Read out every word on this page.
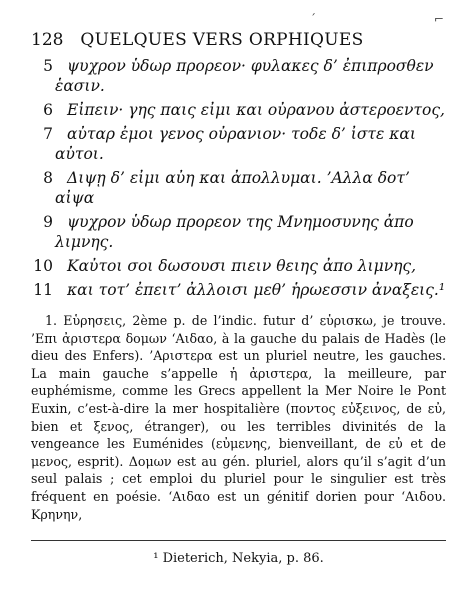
´	⌐
128 QUELQUES VERS ORPHIQUES
5 ψυχρον ὑδωρ προρεον· φυλακες δ’ ἐπιπροσθεν
ἑασιν.
6 Εἰπειν· γης παις εἰμι και οὐρανου ἀστεροεντος,
7 αὐταρ ἐμοι γενος οὐρανιον· τοδε δ’ ἰστε και
αὐτοι.
8 Διψῃ δ’ εἰμι αὐη και ἀπολλυμαι. ’Αλλα δοτ’
αἰψα
9 ψυχρον ὑδωρ προρεον της Μνημοσυνης ἀπο
λιμνης.
10 Καὐτοι σοι δωσουσι πιειν θειης ἀπο λιμνης,
11 και τοτ’ ἐπειτ’ ἀλλοισι μεθ’ ἡρωεσσιν ἀναξεις.¹

1. Εὑρησεις, 2ème p. de l’indic. futur d’ εὑρισκω, je trouve. ’Επι ἀριστερα δομων ‘Αιδαο, à la gauche du palais de Hadès (le dieu des Enfers). ’Αριστερα est un pluriel neutre, les gauches. La main gauche s’appelle ἡ ἀριστερα, la meilleure, par euphémisme, comme les Grecs appellent la Mer Noire le Pont Euxin, c’est-à-dire la mer hospitalière (ποντος εὐξεινος, de εὐ, bien et ξενος, étranger), ou les terribles divinités de la vengeance les Euménides (εὐμενης, bienveillant, de εὐ et de μενος, esprit). Δομων est au gén. pluriel, alors qu’il s’agit d’un seul palais ; cet emploi du pluriel pour le singulier est très fréquent en poésie. ‘Αιδαο est un génitif dorien pour ‘Αιδου. Κρηνην,

¹ Dieterich, Nekyia, p. 86.
